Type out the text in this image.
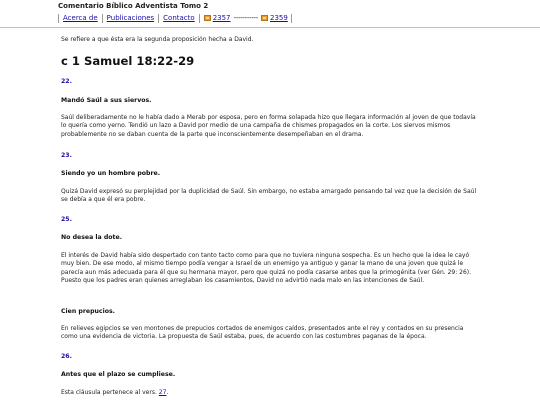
Comentario Bíblico Adventista Tomo 2
Acerca de	Publicaciones	Contacto	2357 -----------	2359
Se refiere a que ésta era la segunda proposición hecha a David.
c 1 Samuel 18:22-29
22.
Mandó Saúl a sus siervos.
Saúl deliberadamente no le había dado a Merab por esposa, pero en forma solapada hizo que llegara información al joven de que todavía lo quería como yerno. Tendió un lazo a David por medio de una campaña de chismes propagados en la corte. Los siervos mismos probablemente no se daban cuenta de la parte que inconscientemente desempeñaban en el drama.
23.
Siendo yo un hombre pobre.
Quizá David expresó su perplejidad por la duplicidad de Saúl. Sin embargo, no estaba amargado pensando tal vez que la decisión de Saúl se debía a que él era pobre.
25.
No desea la dote.
El interés de David había sido despertado con tanto tacto como para que no tuviera ninguna sospecha. Es un hecho que la idea le cayó muy bien. De ese modo, al mismo tiempo podía vengar a Israel de un enemigo ya antiguo y ganar la mano de una joven que quizá le parecía aun más adecuada para él que su hermana mayor, pero que quizá no podía casarse antes que la primogénita (ver Gén. 29: 26). Puesto que los padres eran quienes arreglaban los casamientos, David no advirtió nada malo en las intenciones de Saúl.
Cien prepucios.
En relieves egipcios se ven montones de prepucios cortados de enemigos caídos, presentados ante el rey y contados en su presencia como una evidencia de victoria. La propuesta de Saúl estaba, pues, de acuerdo con las costumbres paganas de la época.
26.
Antes que el plazo se cumpliese.
Esta cláusula pertenece al vers. 27.
